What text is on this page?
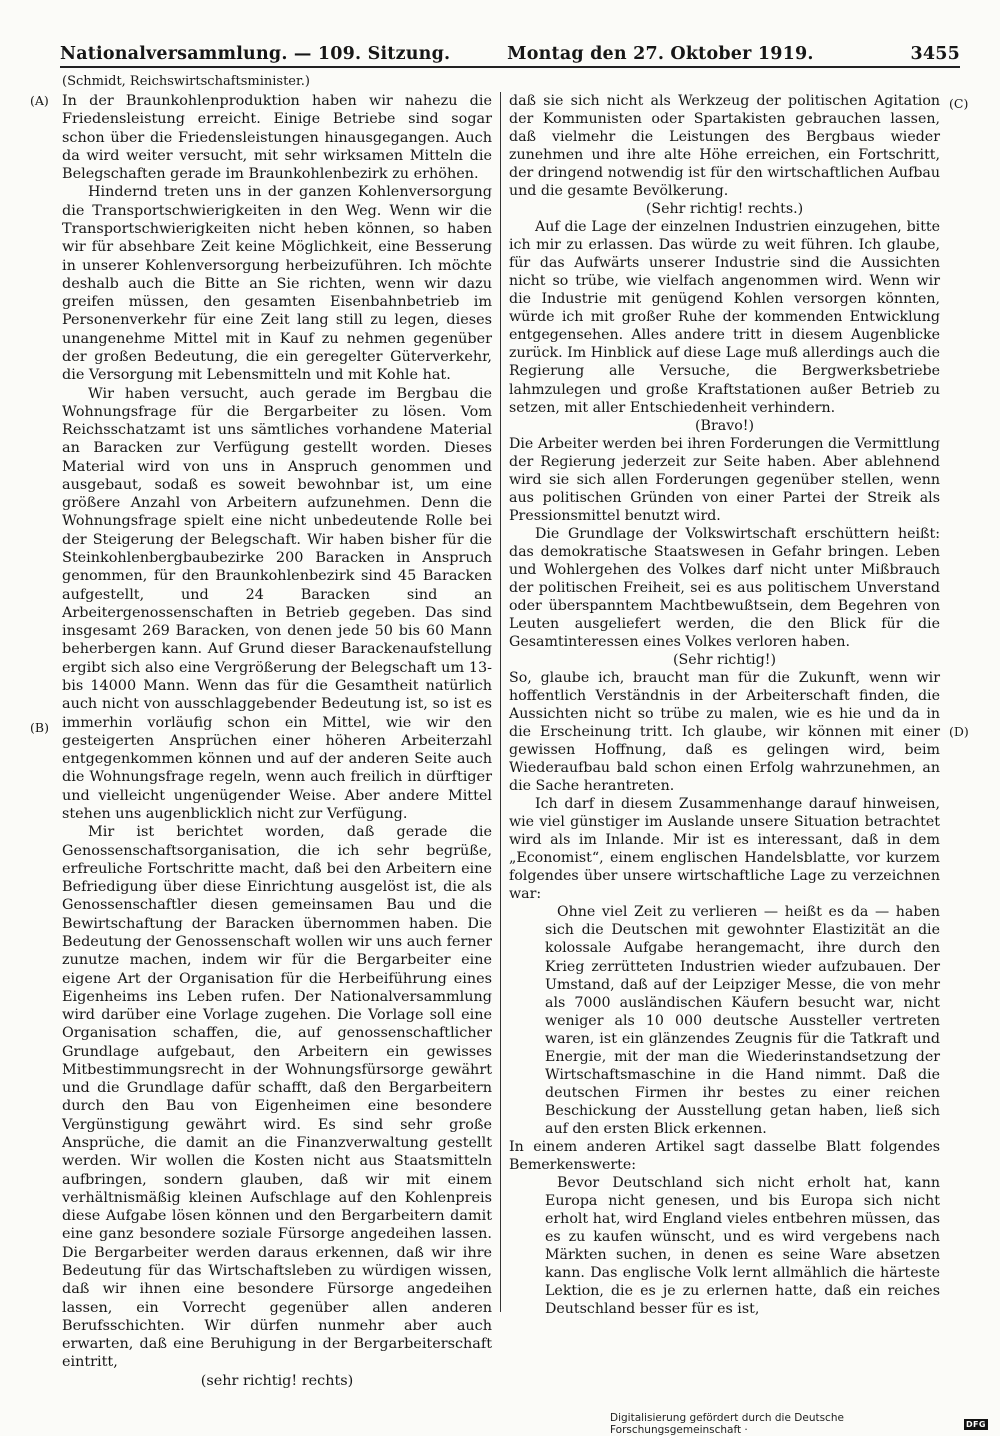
Nationalversammlung. — 109. Sitzung.	Montag den 27. Oktober 1919.	3455
(Schmidt, Reichswirtschaftsminister.)
(A)
(B)
(C)
(D)

In der Braunkohlenproduktion haben wir nahezu die Friedensleistung erreicht. Einige Betriebe sind sogar schon über die Friedensleistungen hinausgegangen. Auch da wird weiter versucht, mit sehr wirksamen Mitteln die Belegschaften gerade im Braunkohlenbezirk zu erhöhen.

Hindernd treten uns in der ganzen Kohlenversorgung die Transportschwierigkeiten in den Weg. Wenn wir die Transportschwierigkeiten nicht heben können, so haben wir für absehbare Zeit keine Möglichkeit, eine Besserung in unserer Kohlenversorgung herbeizuführen. Ich möchte deshalb auch die Bitte an Sie richten, wenn wir dazu greifen müssen, den gesamten Eisenbahnbetrieb im Personenverkehr für eine Zeit lang still zu legen, dieses unangenehme Mittel mit in Kauf zu nehmen gegenüber der großen Bedeutung, die ein geregelter Güterverkehr, die Versorgung mit Lebensmitteln und mit Kohle hat.

Wir haben versucht, auch gerade im Bergbau die Wohnungsfrage für die Bergarbeiter zu lösen. Vom Reichsschatzamt ist uns sämtliches vorhandene Material an Baracken zur Verfügung gestellt worden. Dieses Material wird von uns in Anspruch genommen und ausgebaut, sodaß es soweit bewohnbar ist, um eine größere Anzahl von Arbeitern aufzunehmen. Denn die Wohnungsfrage spielt eine nicht unbedeutende Rolle bei der Steigerung der Belegschaft. Wir haben bisher für die Steinkohlenbergbaubezirke 200 Baracken in Anspruch genommen, für den Braunkohlenbezirk sind 45 Baracken aufgestellt, und 24 Baracken sind an Arbeitergenossenschaften in Betrieb gegeben. Das sind insgesamt 269 Baracken, von denen jede 50 bis 60 Mann beherbergen kann. Auf Grund dieser Barackenaufstellung ergibt sich also eine Vergrößerung der Belegschaft um 13- bis 14000 Mann. Wenn das für die Gesamtheit natürlich auch nicht von ausschlaggebender Bedeutung ist, so ist es immerhin vorläufig schon ein Mittel, wie wir den gesteigerten Ansprüchen einer höheren Arbeiterzahl entgegenkommen können und auf der anderen Seite auch die Wohnungsfrage regeln, wenn auch freilich in dürftiger und vielleicht ungenügender Weise. Aber andere Mittel stehen uns augenblicklich nicht zur Verfügung.

Mir ist berichtet worden, daß gerade die Genossenschaftsorganisation, die ich sehr begrüße, erfreuliche Fortschritte macht, daß bei den Arbeitern eine Befriedigung über diese Einrichtung ausgelöst ist, die als Genossenschaftler diesen gemeinsamen Bau und die Bewirtschaftung der Baracken übernommen haben. Die Bedeutung der Genossenschaft wollen wir uns auch ferner zunutze machen, indem wir für die Bergarbeiter eine eigene Art der Organisation für die Herbeiführung eines Eigenheims ins Leben rufen. Der Nationalversammlung wird darüber eine Vorlage zugehen. Die Vorlage soll eine Organisation schaffen, die, auf genossenschaftlicher Grundlage aufgebaut, den Arbeitern ein gewisses Mitbestimmungsrecht in der Wohnungsfürsorge gewährt und die Grundlage dafür schafft, daß den Bergarbeitern durch den Bau von Eigenheimen eine besondere Vergünstigung gewährt wird. Es sind sehr große Ansprüche, die damit an die Finanzverwaltung gestellt werden. Wir wollen die Kosten nicht aus Staatsmitteln aufbringen, sondern glauben, daß wir mit einem verhältnismäßig kleinen Aufschlage auf den Kohlenpreis diese Aufgabe lösen können und den Bergarbeitern damit eine ganz besondere soziale Fürsorge angedeihen lassen. Die Bergarbeiter werden daraus erkennen, daß wir ihre Bedeutung für das Wirtschaftsleben zu würdigen wissen, daß wir ihnen eine besondere Fürsorge angedeihen lassen, ein Vorrecht gegenüber allen anderen Berufsschichten. Wir dürfen nunmehr aber auch erwarten, daß eine Beruhigung in der Bergarbeiterschaft eintritt,

(sehr richtig! rechts)

daß sie sich nicht als Werkzeug der politischen Agitation der Kommunisten oder Spartakisten gebrauchen lassen, daß vielmehr die Leistungen des Bergbaus wieder zunehmen und ihre alte Höhe erreichen, ein Fortschritt, der dringend notwendig ist für den wirtschaftlichen Aufbau und die gesamte Bevölkerung.

(Sehr richtig! rechts.)

Auf die Lage der einzelnen Industrien einzugehen, bitte ich mir zu erlassen. Das würde zu weit führen. Ich glaube, für das Aufwärts unserer Industrie sind die Aussichten nicht so trübe, wie vielfach angenommen wird. Wenn wir die Industrie mit genügend Kohlen versorgen könnten, würde ich mit großer Ruhe der kommenden Entwicklung entgegensehen. Alles andere tritt in diesem Augenblicke zurück. Im Hinblick auf diese Lage muß allerdings auch die Regierung alle Versuche, die Bergwerksbetriebe lahmzulegen und große Kraftstationen außer Betrieb zu setzen, mit aller Entschiedenheit verhindern.

(Bravo!)

Die Arbeiter werden bei ihren Forderungen die Vermittlung der Regierung jederzeit zur Seite haben. Aber ablehnend wird sie sich allen Forderungen gegenüber stellen, wenn aus politischen Gründen von einer Partei der Streik als Pressionsmittel benutzt wird.

Die Grundlage der Volkswirtschaft erschüttern heißt: das demokratische Staatswesen in Gefahr bringen. Leben und Wohlergehen des Volkes darf nicht unter Mißbrauch der politischen Freiheit, sei es aus politischem Unverstand oder überspanntem Machtbewußtsein, dem Begehren von Leuten ausgeliefert werden, die den Blick für die Gesamtinteressen eines Volkes verloren haben.

(Sehr richtig!)

So, glaube ich, braucht man für die Zukunft, wenn wir hoffentlich Verständnis in der Arbeiterschaft finden, die Aussichten nicht so trübe zu malen, wie es hie und da in die Erscheinung tritt. Ich glaube, wir können mit einer gewissen Hoffnung, daß es gelingen wird, beim Wiederaufbau bald schon einen Erfolg wahrzunehmen, an die Sache herantreten.

Ich darf in diesem Zusammenhange darauf hinweisen, wie viel günstiger im Auslande unsere Situation betrachtet wird als im Inlande. Mir ist es interessant, daß in dem „Economist“, einem englischen Handelsblatte, vor kurzem folgendes über unsere wirtschaftliche Lage zu verzeichnen war:

Ohne viel Zeit zu verlieren — heißt es da — haben sich die Deutschen mit gewohnter Elastizität an die kolossale Aufgabe herangemacht, ihre durch den Krieg zerrütteten Industrien wieder aufzubauen. Der Umstand, daß auf der Leipziger Messe, die von mehr als 7000 ausländischen Käufern besucht war, nicht weniger als 10 000 deutsche Aussteller vertreten waren, ist ein glänzendes Zeugnis für die Tatkraft und Energie, mit der man die Wiederinstandsetzung der Wirtschaftsmaschine in die Hand nimmt. Daß die deutschen Firmen ihr bestes zu einer reichen Beschickung der Ausstellung getan haben, ließ sich auf den ersten Blick erkennen.

In einem anderen Artikel sagt dasselbe Blatt folgendes Bemerkenswerte:

Bevor Deutschland sich nicht erholt hat, kann Europa nicht genesen, und bis Europa sich nicht erholt hat, wird England vieles entbehren müssen, das es zu kaufen wünscht, und es wird vergebens nach Märkten suchen, in denen es seine Ware absetzen kann. Das englische Volk lernt allmählich die härteste Lektion, die es je zu erlernen hatte, daß ein reiches Deutschland besser für es ist,
Digitalisierung gefördert durch die Deutsche Forschungsgemeinschaft ·	DFG
